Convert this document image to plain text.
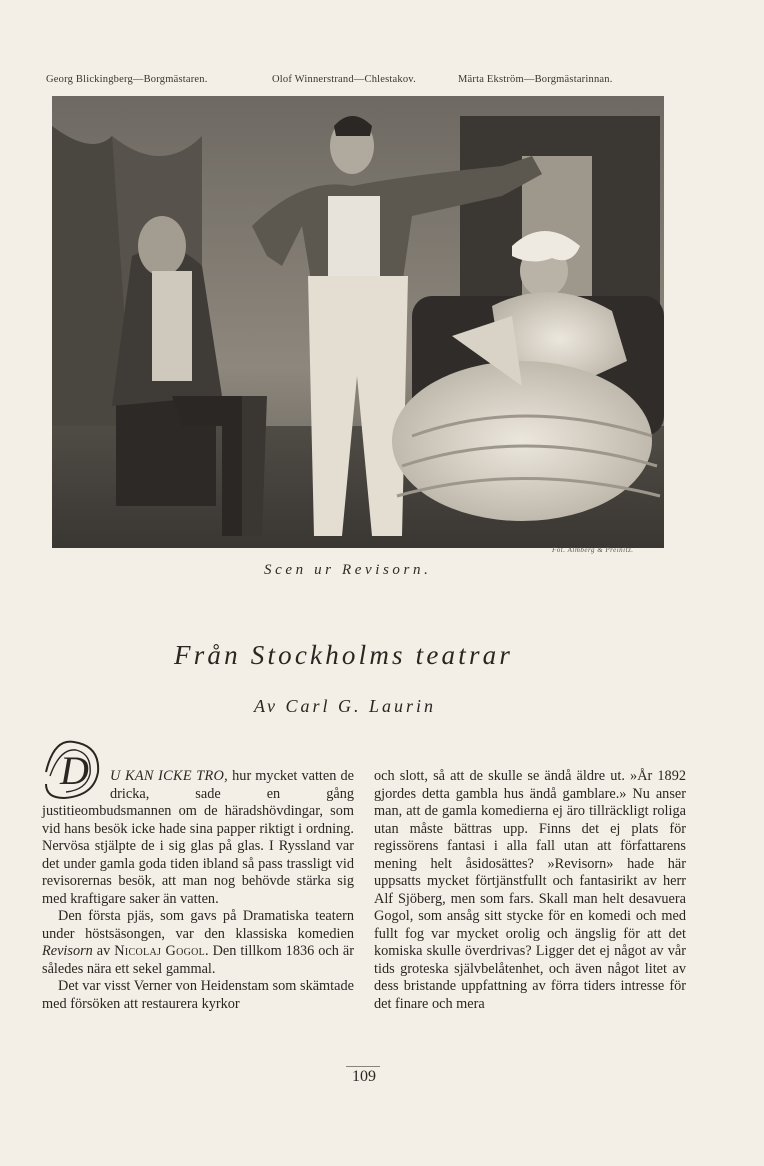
Georg Blickingberg—Borgmästaren.	Olof Winnerstrand—Chlestakov.	Märta Ekström—Borgmästarinnan.
Fot. Almberg & Preinitz.
Scen ur Revisorn.
Från Stockholms teatrar
Av Carl G. Laurin

D U KAN ICKE TRO, hur mycket vatten de dricka, sade en gång justitieombudsmannen om de häradshövdingar, som vid hans besök icke hade sina papper riktigt i ordning. Nervösa stjälpte de i sig glas på glas. I Ryssland var det under gamla goda tiden ibland så pass trassligt vid revisorernas besök, att man nog behövde stärka sig med kraftigare saker än vatten.

Den första pjäs, som gavs på Dramatiska teatern under höstsäsongen, var den klassiska komedien Revisorn av Nicolaj Gogol. Den tillkom 1836 och är således nära ett sekel gammal.

Det var visst Verner von Heidenstam som skämtade med försöken att restaurera kyrkor

och slott, så att de skulle se ändå äldre ut. »År 1892 gjordes detta gambla hus ändå gamblare.» Nu anser man, att de gamla komedierna ej äro tillräckligt roliga utan måste bättras upp. Finns det ej plats för regissörens fantasi i alla fall utan att författarens mening helt åsidosättes? »Revisorn» hade här uppsatts mycket förtjänstfullt och fantasirikt av herr Alf Sjöberg, men som fars. Skall man helt desavuera Gogol, som ansåg sitt stycke för en komedi och med fullt fog var mycket orolig och ängslig för att det komiska skulle överdrivas? Ligger det ej något av vår tids groteska självbelåtenhet, och även något litet av dess bristande uppfattning av förra tiders intresse för det finare och mera

109
